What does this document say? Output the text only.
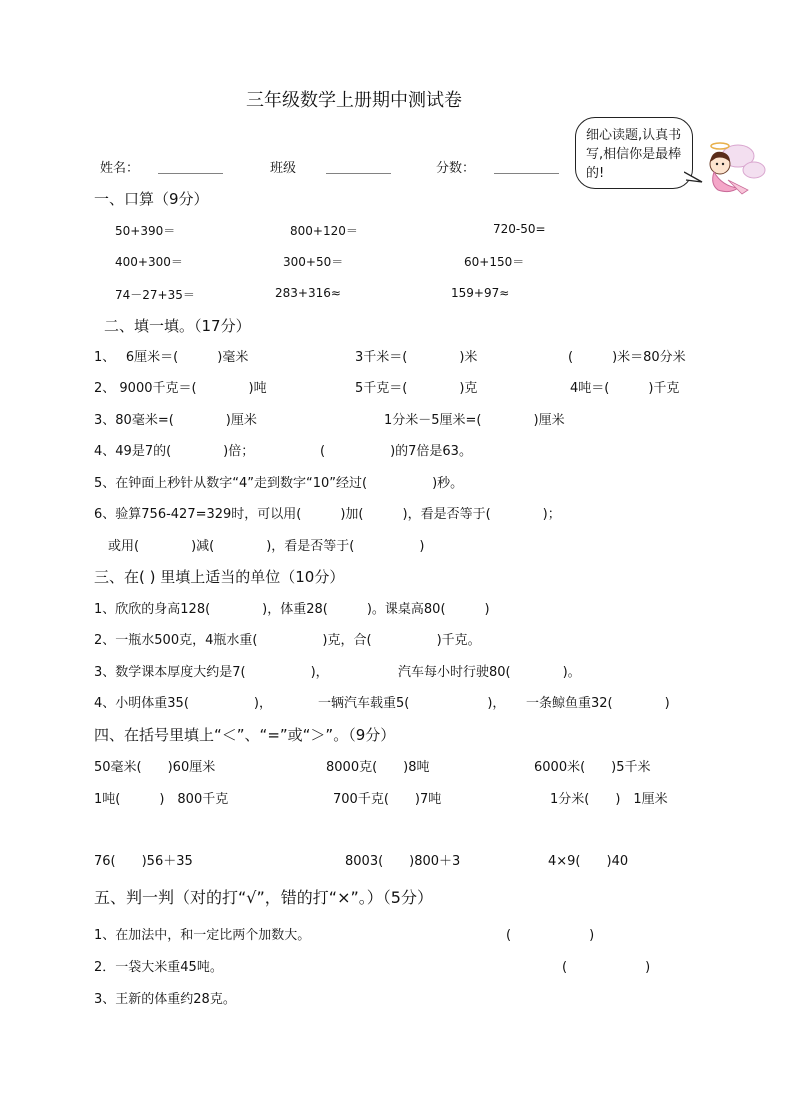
三年级数学上册期中测试卷
姓名： ＿＿＿＿＿	班级 ＿＿＿＿＿	分数： ＿＿＿＿＿
细心读题,认真书写,相信你是最棒的!
一、口算（9分）
50+390＝	800+120＝	720-50=
400+300＝	300+50＝	60+150＝
74－27+35＝	283+316≈	159+97≈
二、填一填。（17分）
1、　 6厘米＝(　　　)毫米	3千米＝(　　　　)米	(　　　)米＝80分米
2、 9000千克＝(　　　　)吨	5千克＝(　　　　)克	4吨＝(　　　)千克
3、80毫米=(　　　　)厘米	1分米－5厘米=(　　　　)厘米
4、49是7的(　　　　)倍；	(　　　　　)的7倍是63。
5、在钟面上秒针从数字“4”走到数字“10”经过(　　　　　)秒。
6、验算756-427=329时，可以用(　　　)加(　　　)，看是否等于(　　　　)；
或用(　　　　)减(　　　　)，看是否等于(　　　　　)
三、在( ) 里填上适当的单位（10分）
1、欣欣的身高128(　　　　)，体重28(　　　)。课桌高80(　　　)
2、一瓶水500克，4瓶水重(　　　　　)克，合(　　　　　)千克。
3、数学课本厚度大约是7(　　　　　)，	汽车每小时行驶80(　　　　)。
4、小明体重35(　　　　　)，	一辆汽车载重5(　　　　　　)， 一条鲸鱼重32(　　　　)
四、在括号里填上“＜”、“=”或“＞”。（9分）
50毫米(　　)60厘米	8000克(　　)8吨	6000米(　　)5千米
1吨(　　　)　800千克	700千克(　　)7吨	1分米(　　)　1厘米
76(　　)56＋35	8003(　　)800＋3	4×9(　　)40
五、判一判（对的打“√”，错的打“×”。）（5分）
1、在加法中，和一定比两个加数大。	(　　　　　　)
2．一袋大米重45吨。	(　　　　　　)
3、王新的体重约28克。
